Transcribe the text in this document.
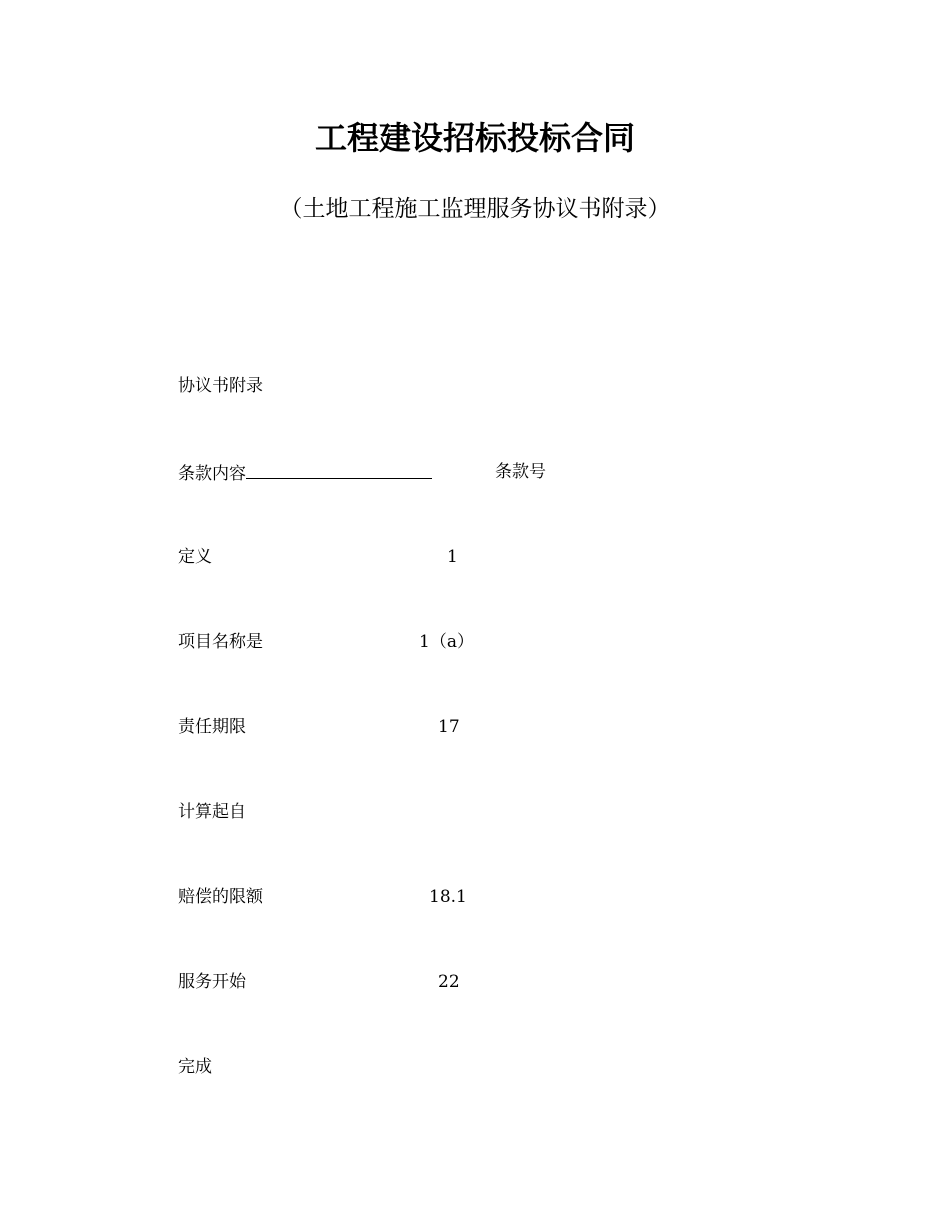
工程建设招标投标合同
（土地工程施工监理服务协议书附录）
协议书附录
条款内容	条款号
定义	1
项目名称是	1（a）
责任期限	17
计算起自
赔偿的限额	18.1
服务开始	22
完成
